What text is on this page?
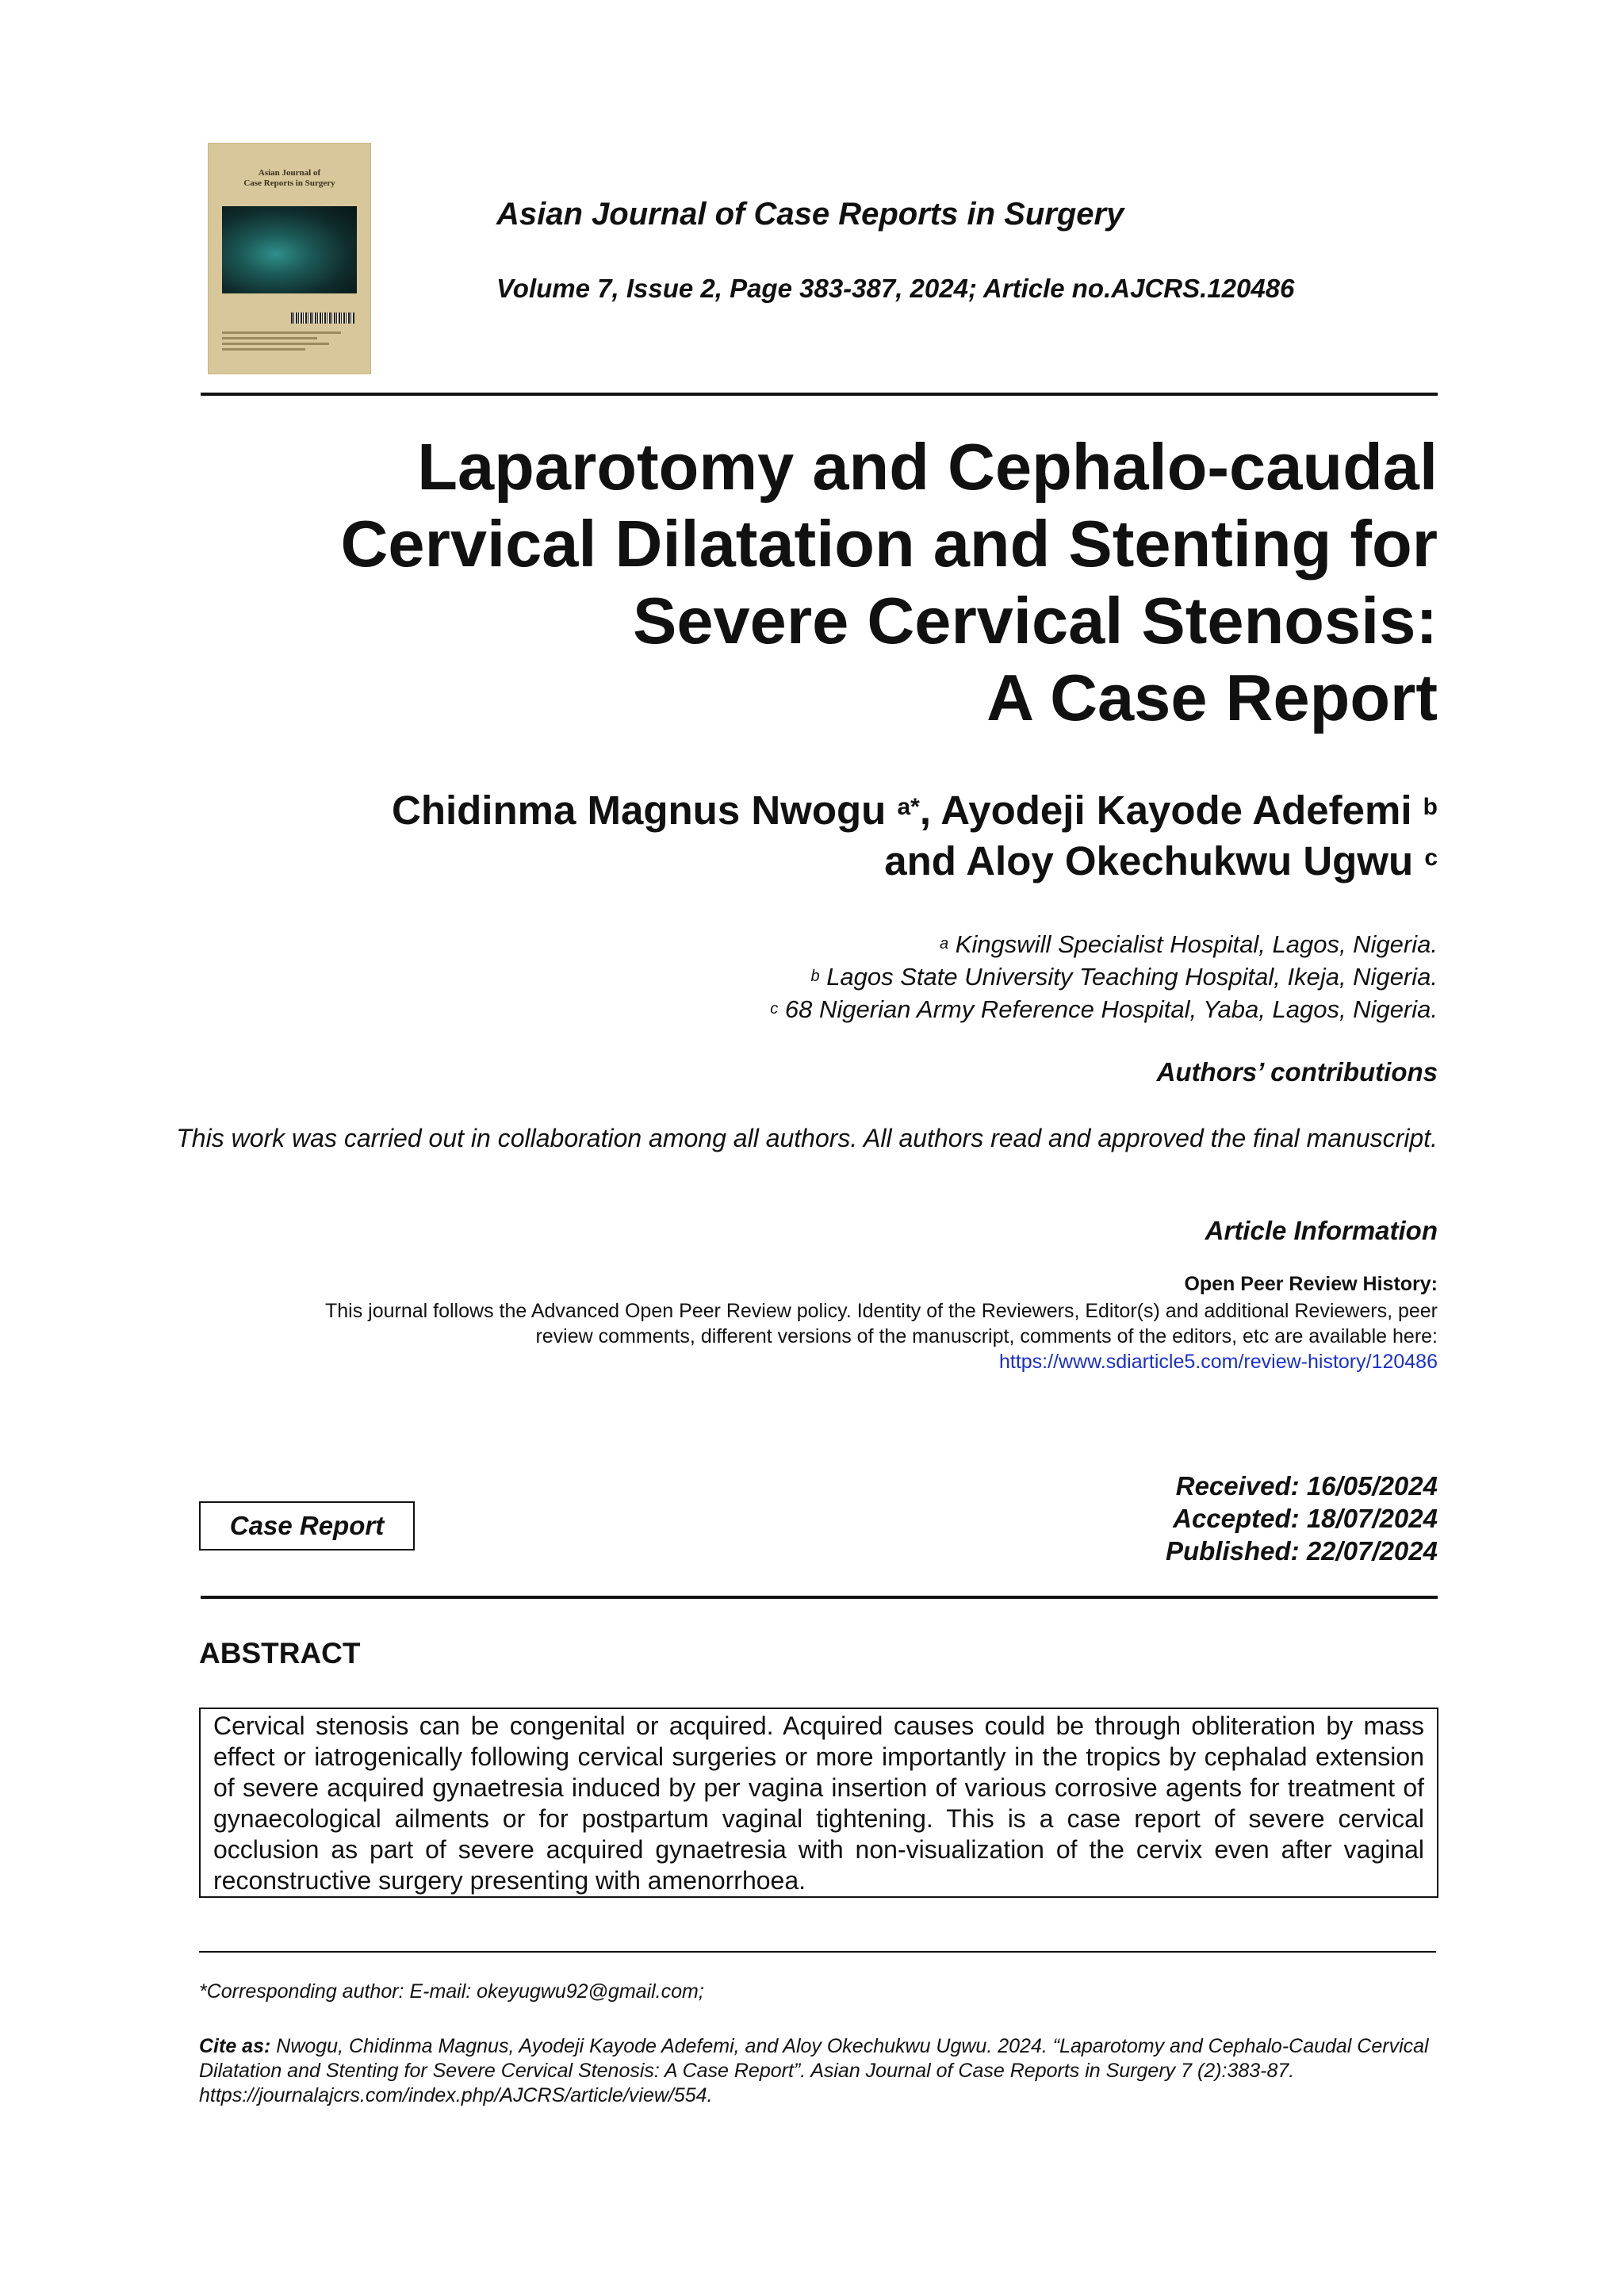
Asian Journal of
Case Reports in Surgery
Asian Journal of Case Reports in Surgery
Volume 7, Issue 2, Page 383-387, 2024; Article no.AJCRS.120486
Laparotomy and Cephalo-caudal
Cervical Dilatation and Stenting for
Severe Cervical Stenosis:
A Case Report
Chidinma Magnus Nwogu $^{a*}$, Ayodeji Kayode Adefemi $^b$
and Aloy Okechukwu Ugwu $^c$
$^a$ Kingswill Specialist Hospital, Lagos, Nigeria.
$^b$ Lagos State University Teaching Hospital, Ikeja, Nigeria.
$^c$ 68 Nigerian Army Reference Hospital, Yaba, Lagos, Nigeria.
Authors’ contributions
This work was carried out in collaboration among all authors. All authors read and approved the final manuscript.
Article Information
Open Peer Review History:
This journal follows the Advanced Open Peer Review policy. Identity of the Reviewers, Editor(s) and additional Reviewers, peer
review comments, different versions of the manuscript, comments of the editors, etc are available here:
https://www.sdiarticle5.com/review-history/120486
Case Report
Received: 16/05/2024
Accepted: 18/07/2024
Published: 22/07/2024
ABSTRACT
Cervical stenosis can be congenital or acquired. Acquired causes could be through obliteration by mass effect or iatrogenically following cervical surgeries or more importantly in the tropics by cephalad extension of severe acquired gynaetresia induced by per vagina insertion of various corrosive agents for treatment of gynaecological ailments or for postpartum vaginal tightening. This is a case report of severe cervical occlusion as part of severe acquired gynaetresia with non-visualization of the cervix even after vaginal reconstructive surgery presenting with amenorrhoea.
*Corresponding author: E-mail: okeyugwu92@gmail.com;
Cite as: Nwogu, Chidinma Magnus, Ayodeji Kayode Adefemi, and Aloy Okechukwu Ugwu. 2024. “Laparotomy and Cephalo-Caudal Cervical Dilatation and Stenting for Severe Cervical Stenosis: A Case Report”. Asian Journal of Case Reports in Surgery 7 (2):383-87. https://journalajcrs.com/index.php/AJCRS/article/view/554.
